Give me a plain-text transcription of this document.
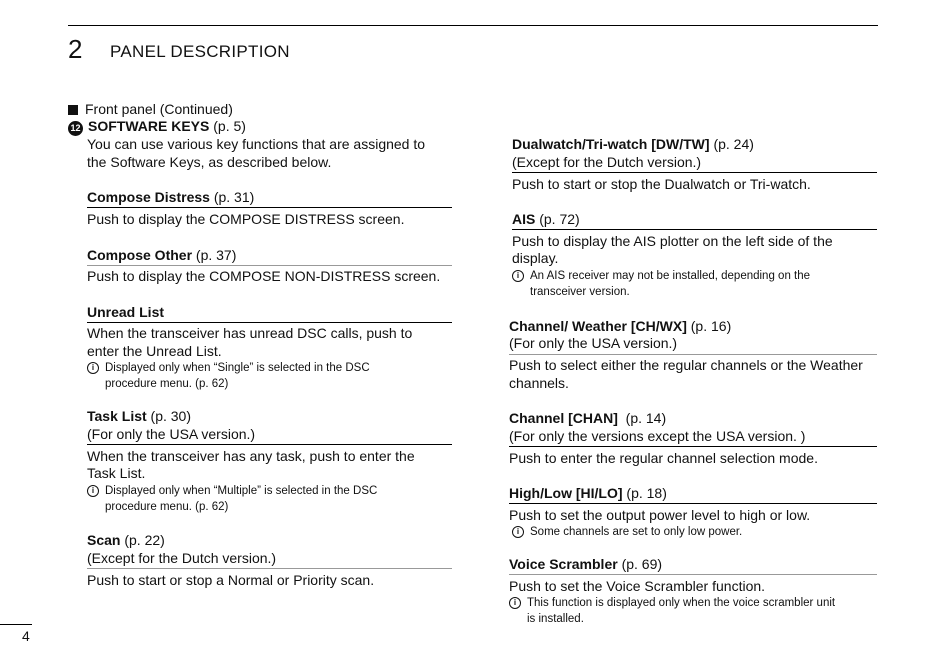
2 PANEL DESCRIPTION
Front panel (Continued)
12 SOFTWARE KEYS (p. 5)
You can use various key functions that are assigned to
the Software Keys, as described below.
Compose Distress (p. 31)
Push to display the COMPOSE DISTRESS screen.
Compose Other (p. 37)
Push to display the COMPOSE NON-DISTRESS screen.
Unread List
When the transceiver has unread DSC calls, push to
enter the Unread List.
i Displayed only when “Single” is selected in the DSC
procedure menu. (p. 62)
Task List (p. 30)
(For only the USA version.)
When the transceiver has any task, push to enter the
Task List.
i Displayed only when “Multiple” is selected in the DSC
procedure menu. (p. 62)
Scan (p. 22)
(Except for the Dutch version.)
Push to start or stop a Normal or Priority scan.
Dualwatch/Tri-watch [DW/TW] (p. 24)
(Except for the Dutch version.)
Push to start or stop the Dualwatch or Tri-watch.
AIS (p. 72)
Push to display the AIS plotter on the left side of the
display.
i An AIS receiver may not be installed, depending on the
transceiver version.
Channel/ Weather [CH/WX] (p. 16)
(For only the USA version.)
Push to select either the regular channels or the Weather
channels.
Channel [CHAN] (p. 14)
(For only the versions except the USA version. )
Push to enter the regular channel selection mode.
High/Low [HI/LO] (p. 18)
Push to set the output power level to high or low.
i Some channels are set to only low power.
Voice Scrambler (p. 69)
Push to set the Voice Scrambler function.
i This function is displayed only when the voice scrambler unit
is installed.
4
